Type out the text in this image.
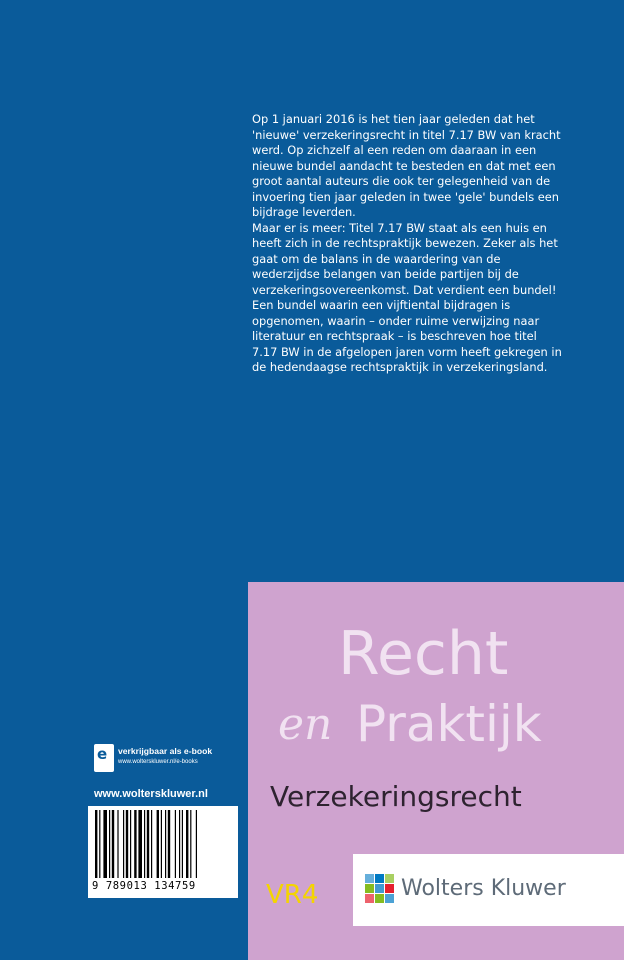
Op 1 januari 2016 is het tien jaar geleden dat het 'nieuwe' verzekeringsrecht in titel 7.17 BW van kracht werd. Op zichzelf al een reden om daaraan in een nieuwe bundel aandacht te besteden en dat met een groot aantal auteurs die ook ter gelegenheid van de invoering tien jaar geleden in twee 'gele' bundels een bijdrage leverden.

Maar er is meer: Titel 7.17 BW staat als een huis en heeft zich in de rechtspraktijk bewezen. Zeker als het gaat om de balans in de waardering van de wederzijdse belangen van beide partijen bij de verzekeringsovereenkomst. Dat verdient een bundel! Een bundel waarin een vijftiental bijdragen is opgenomen, waarin – onder ruime verwijzing naar literatuur en rechtspraak – is beschreven hoe titel 7.17 BW in de afgelopen jaren vorm heeft gekregen in de hedendaagse rechtspraktijk in verzekeringsland.

e verkrijgbaar als e-book
www.wolterskluwer.nl/e-books
www.wolterskluwer.nl
9 789013 134759
Recht
en Praktijk
Verzekeringsrecht
VR4	Wolters Kluwer
